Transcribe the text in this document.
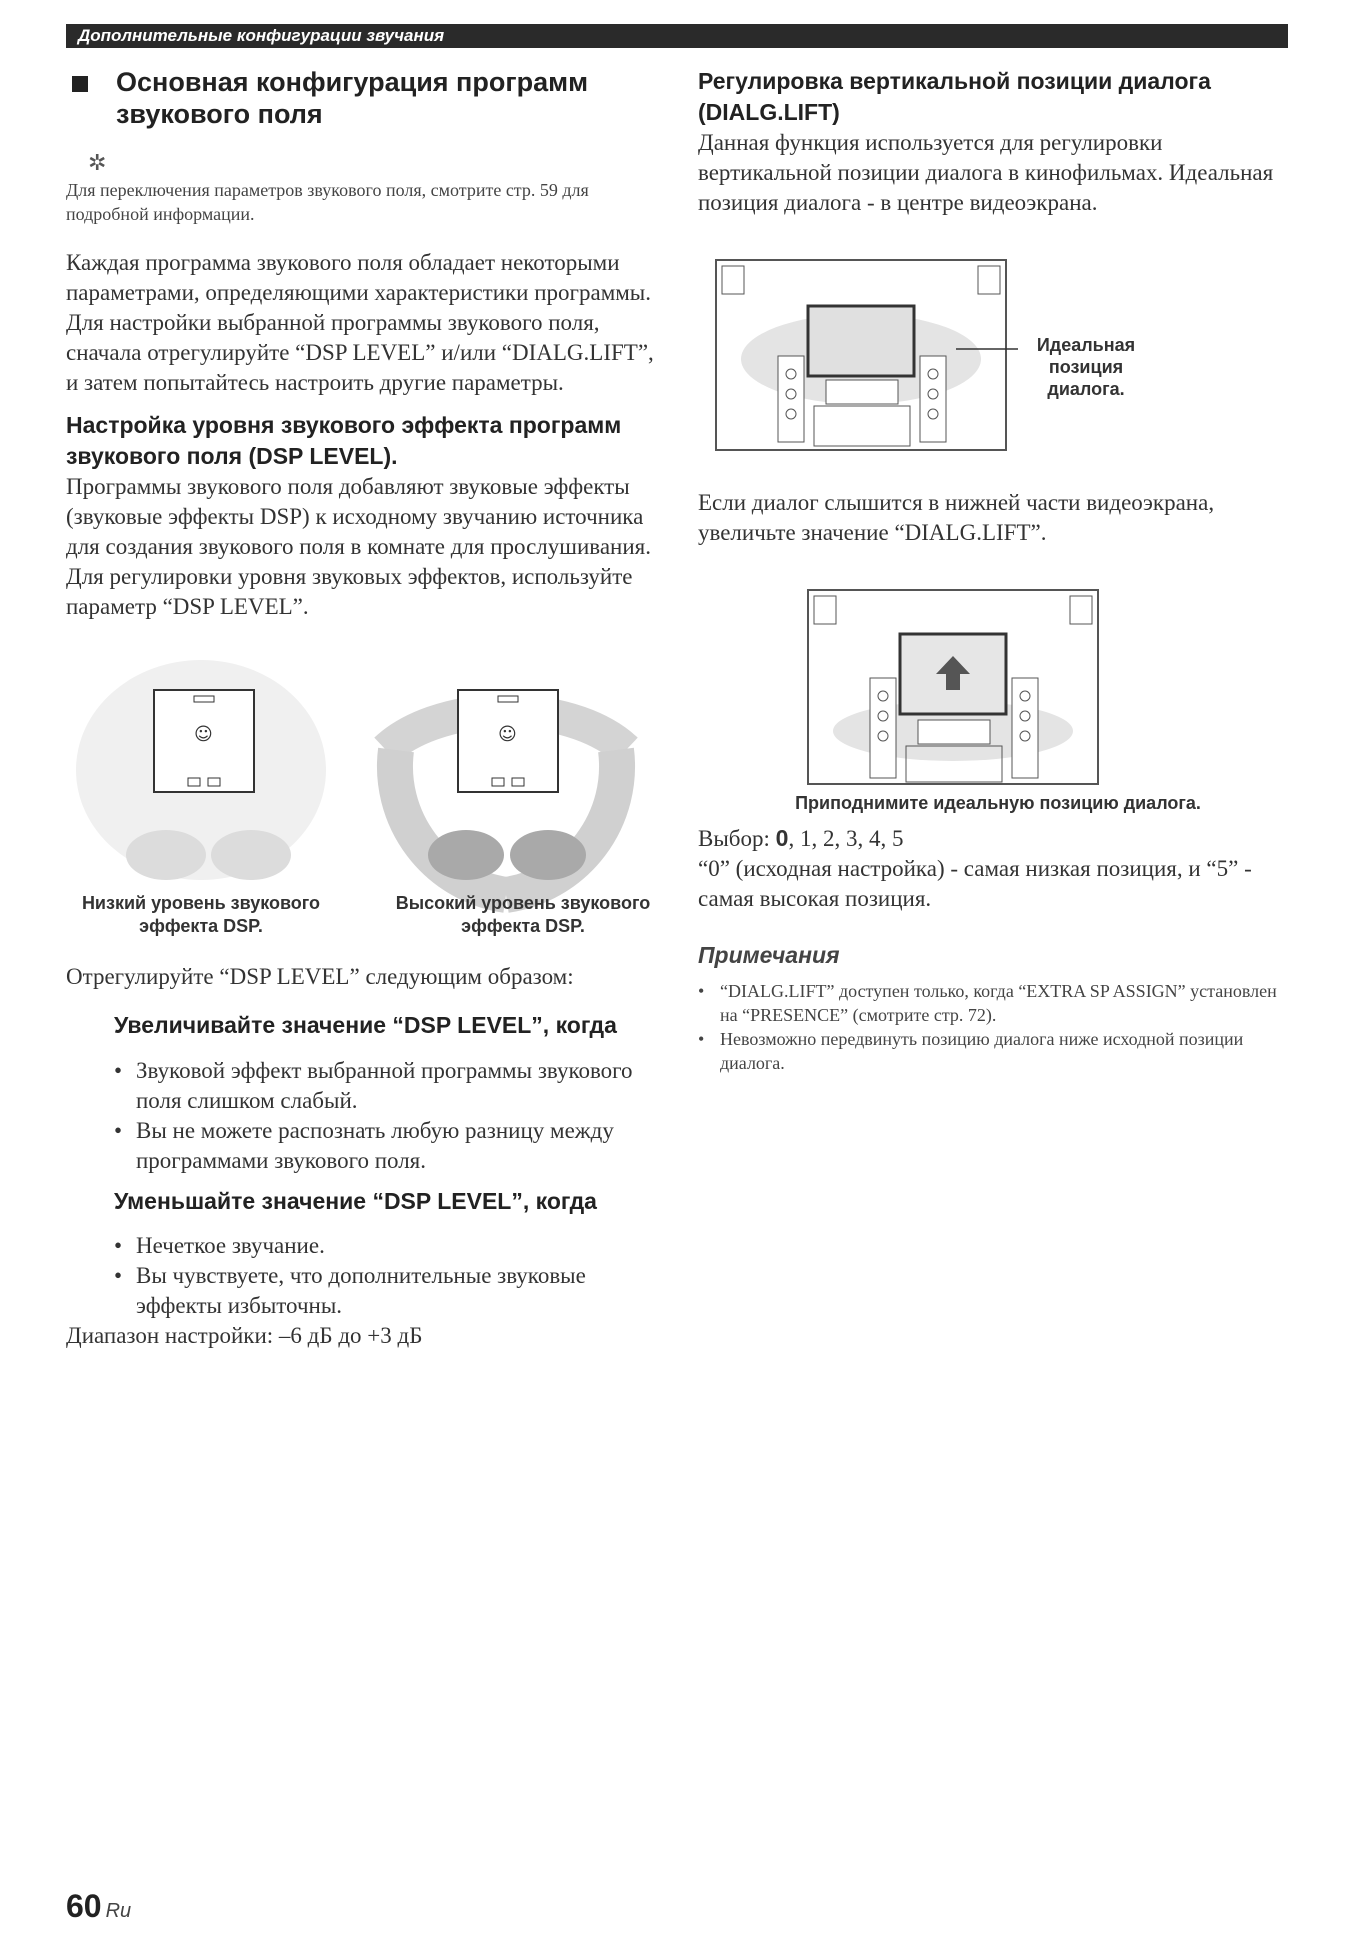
Дополнительные конфигурации звучания
Основная конфигурация программ звукового поля
✲

Для переключения параметров звукового поля, смотрите стр. 59 для подробной информации.

Каждая программа звукового поля обладает некоторыми параметрами, определяющими характеристики программы. Для настройки выбранной программы звукового поля, сначала отрегулируйте “DSP LEVEL” и/или “DIALG.LIFT”, и затем попытайтесь настроить другие параметры.

Настройка уровня звукового эффекта программ звукового поля (DSP LEVEL).

Программы звукового поля добавляют звуковые эффекты (звуковые эффекты DSP) к исходному звучанию источника для создания звукового поля в комнате для прослушивания. Для регулировки уровня звуковых эффектов, используйте параметр “DSP LEVEL”.

☺	☺
Низкий уровень звукового эффекта DSP.
Высокий уровень звукового эффекта DSP.

Отрегулируйте “DSP LEVEL” следующим образом:

Увеличивайте значение “DSP LEVEL”, когда
• Звуковой эффект выбранной программы звукового поля слишком слабый.
• Вы не можете распознать любую разницу между программами звукового поля.
Уменьшайте значение “DSP LEVEL”, когда
• Нечеткое звучание.
• Вы чувствуете, что дополнительные звуковые эффекты избыточны.

Диапазон настройки: –6 дБ до +3 дБ

Регулировка вертикальной позиции диалога (DIALG.LIFT)

Данная функция используется для регулировки вертикальной позиции диалога в кинофильмах. Идеальная позиция диалога - в центре видеоэкрана.

Идеальная позиция диалога.

Если диалог слышится в нижней части видеоэкрана, увеличьте значение “DIALG.LIFT”.

Приподнимите идеальную позицию диалога.

Выбор: 0, 1, 2, 3, 4, 5

“0” (исходная настройка) - самая низкая позиция, и “5” - самая высокая позиция.

Примечания
• “DIALG.LIFT” доступен только, когда “EXTRA SP ASSIGN” установлен на “PRESENCE” (смотрите стр. 72).
• Невозможно передвинуть позицию диалога ниже исходной позиции диалога.
60 Ru
